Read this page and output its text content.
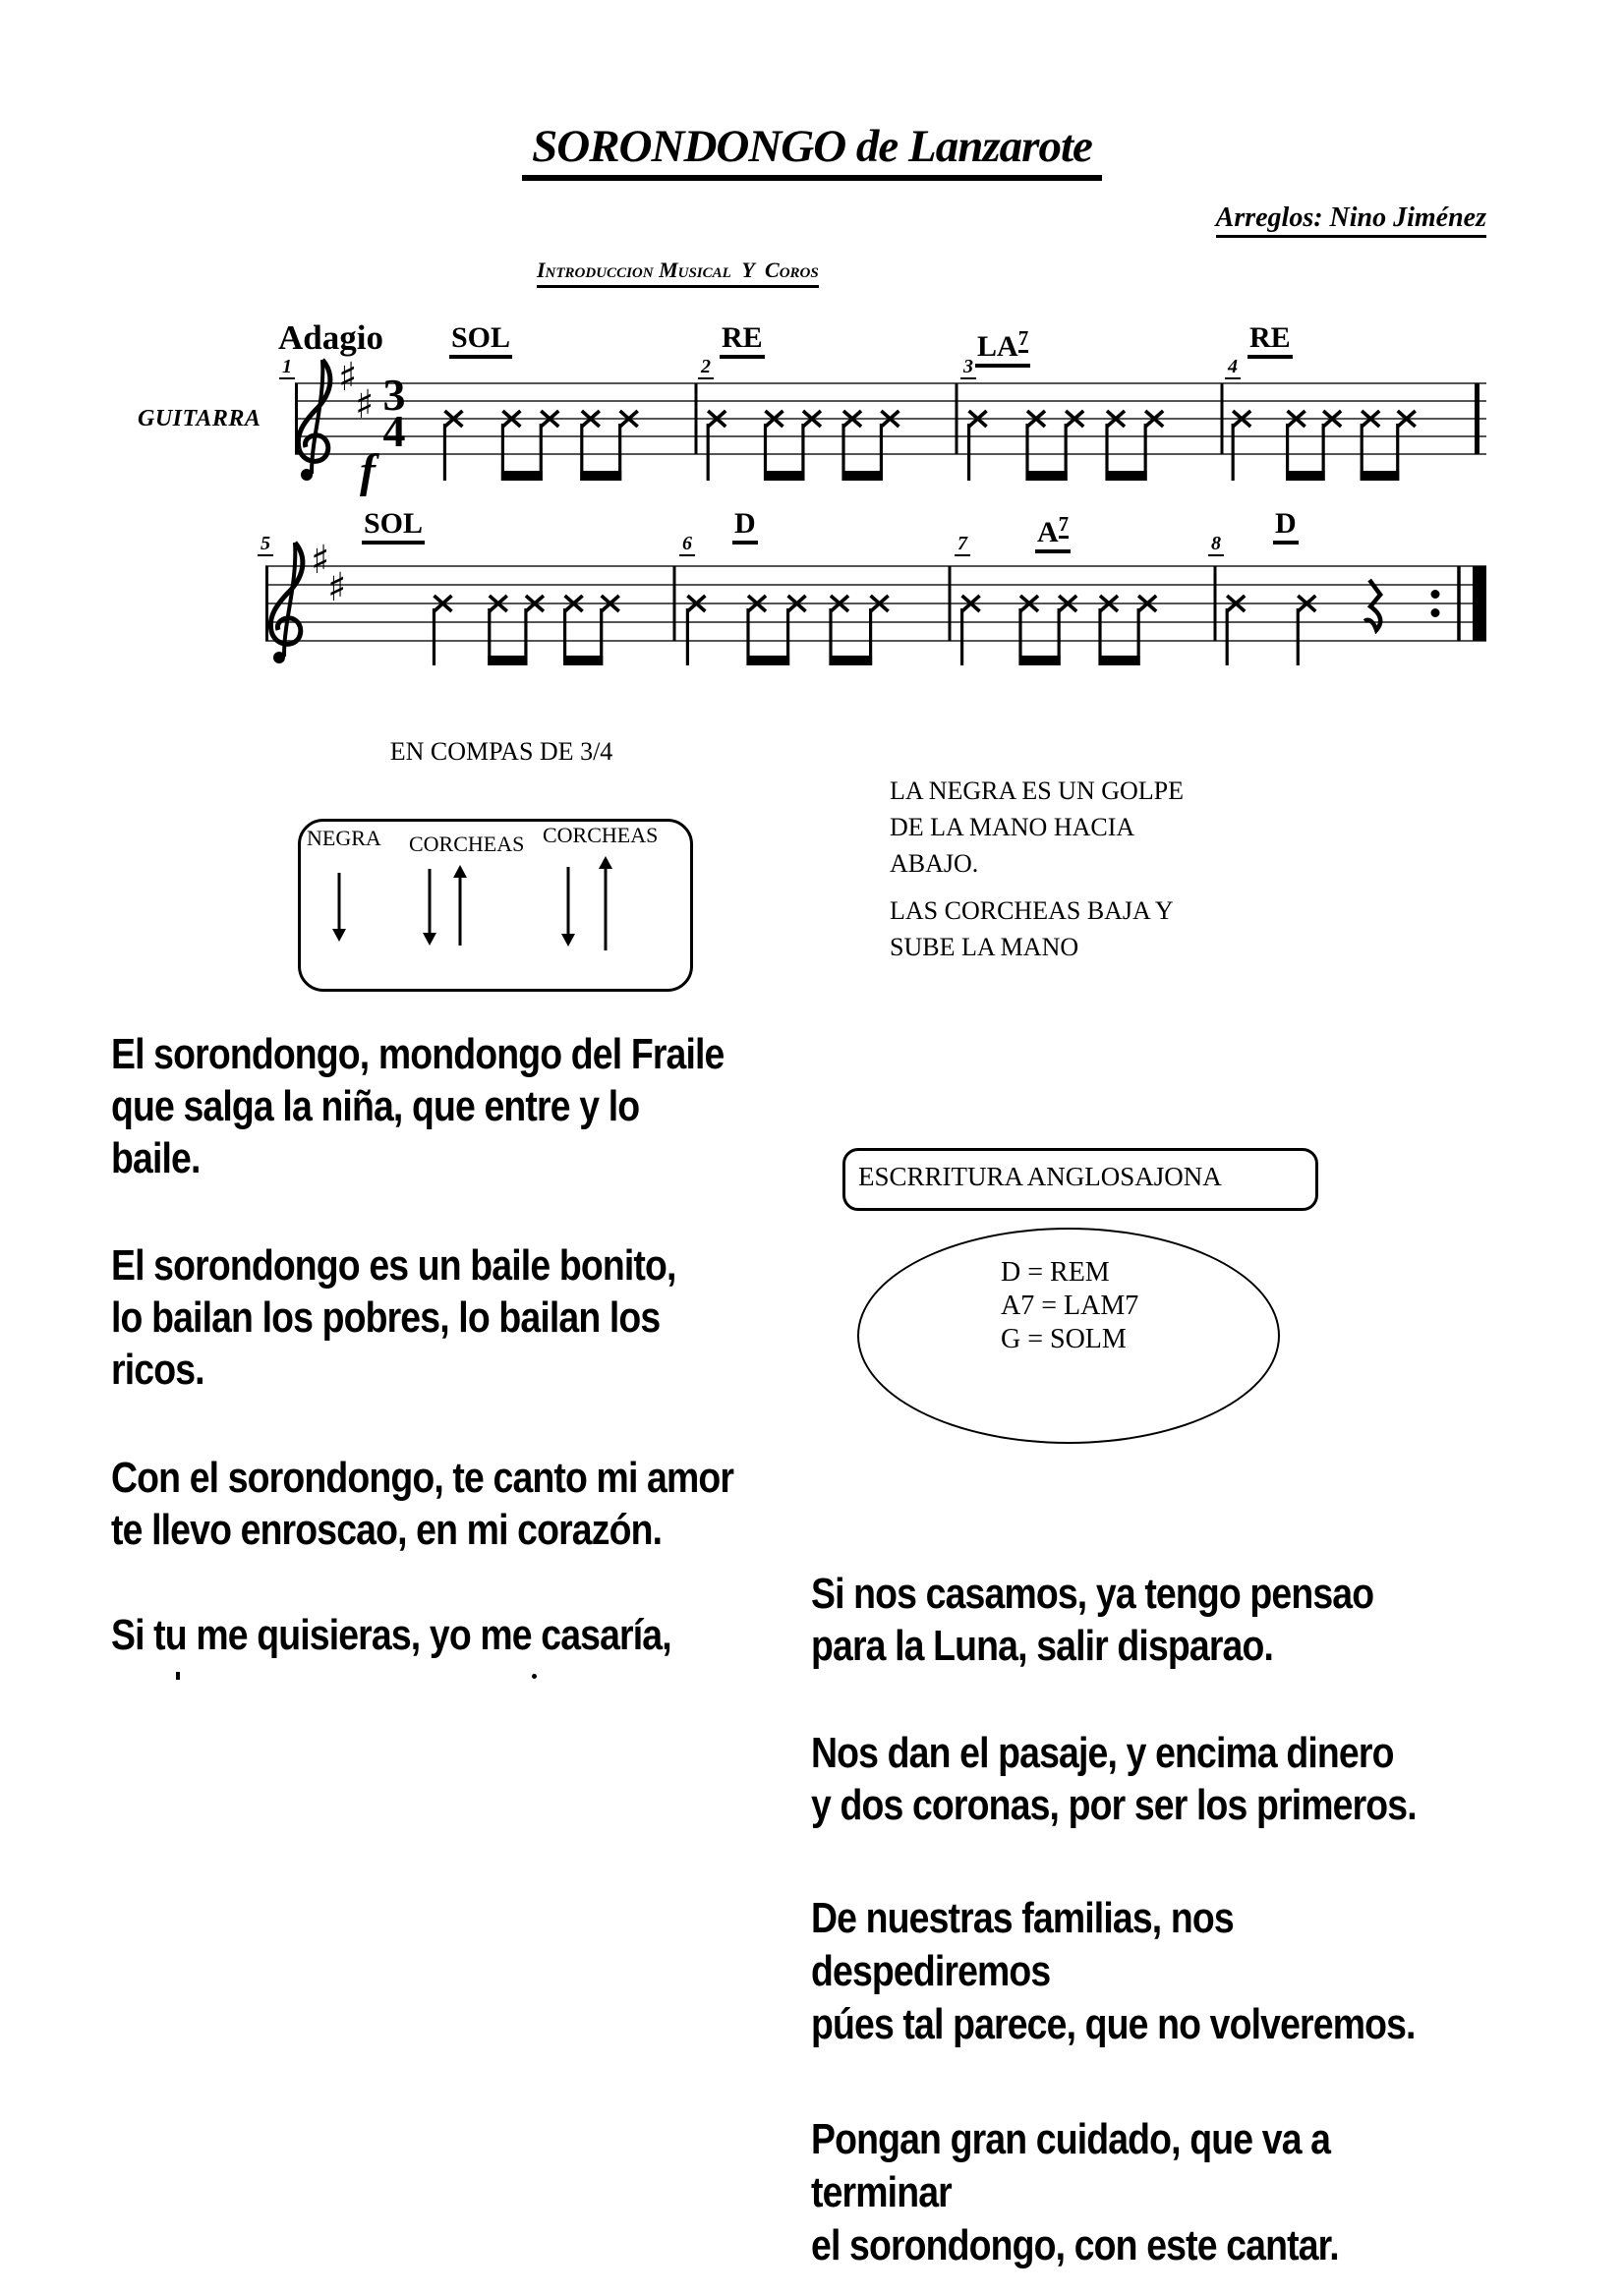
SORONDONGO de Lanzarote
Arreglos: Nino Jiménez
Introduccion Musical  Y  Coros
Adagio
GUITARRA
f
3
4
♯
♯
♯
♯
SOL	RE	$LA^7$	RE
1	2	3	4
SOL	D	$A^7$	D
5	6	7	8
EN COMPAS DE 3/4
NEGRA CORCHEAS CORCHEAS
LA NEGRA ES UN GOLPE
DE LA MANO HACIA
ABAJO.
LAS CORCHEAS BAJA Y
SUBE LA MANO
ESCRRITURA ANGLOSAJONA
D = REM
A7 = LAM7
G = SOLM
El sorondongo, mondongo del Fraile
que salga la niña, que entre y lo
baile.
El sorondongo es un baile bonito,
lo bailan los pobres, lo bailan los
ricos.
Con el sorondongo, te canto mi amor
te llevo enroscao, en mi corazón.
Si tu me quisieras, yo me casaría,
Si nos casamos, ya tengo pensao
para la Luna, salir disparao.
Nos dan el pasaje, y encima dinero
y dos coronas, por ser los primeros.
De nuestras familias, nos
despediremos
púes tal parece, que no volveremos.
Pongan gran cuidado, que va a
terminar
el sorondongo, con este cantar.
